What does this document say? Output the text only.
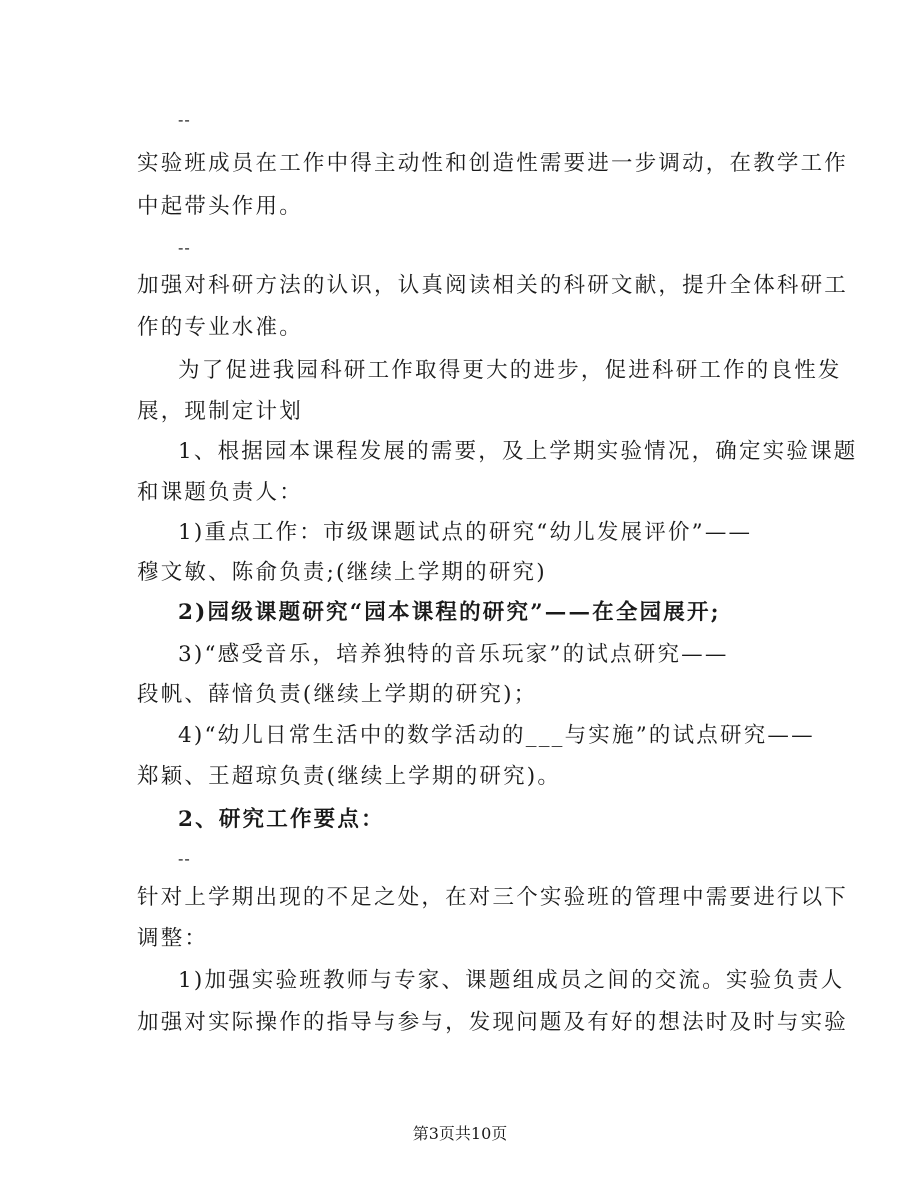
--
实验班成员在工作中得主动性和创造性需要进一步调动，在教学工作
中起带头作用。
--
加强对科研方法的认识，认真阅读相关的科研文献，提升全体科研工
作的专业水准。
为了促进我园科研工作取得更大的进步，促进科研工作的良性发
展，现制定计划
1、根据园本课程发展的需要，及上学期实验情况，确定实验课题
和课题负责人：
1)重点工作：市级课题试点的研究“幼儿发展评价”——
穆文敏、陈俞负责;(继续上学期的研究)
2)园级课题研究“园本课程的研究”——在全园展开;
3)“感受音乐，培养独特的音乐玩家”的试点研究——
段帆、薛愔负责(继续上学期的研究)；
4)“幼儿日常生活中的数学活动的___与实施”的试点研究——
郑颖、王超琼负责(继续上学期的研究)。
2、研究工作要点：
--
针对上学期出现的不足之处，在对三个实验班的管理中需要进行以下
调整：
1)加强实验班教师与专家、课题组成员之间的交流。实验负责人
加强对实际操作的指导与参与，发现问题及有好的想法时及时与实验
第3页共10页
